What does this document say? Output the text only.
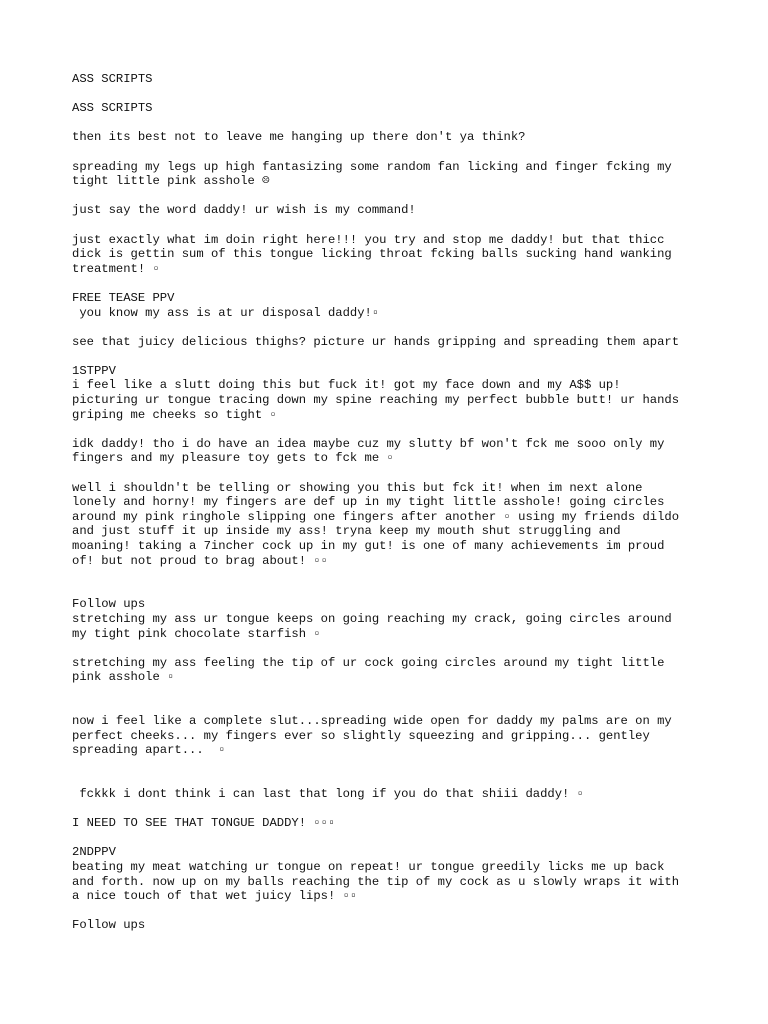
ASS SCRIPTS
ASS SCRIPTS
then its best not to leave me hanging up there don't ya think?
spreading my legs up high fantasizing some random fan licking and finger fcking my
tight little pink asshole ☹
just say the word daddy! ur wish is my command!
just exactly what im doin right here!!! you try and stop me daddy! but that thicc
dick is gettin sum of this tongue licking throat fcking balls sucking hand wanking
treatment! ▫
FREE TEASE PPV
you know my ass is at ur disposal daddy!▫
see that juicy delicious thighs? picture ur hands gripping and spreading them apart
1STPPV
i feel like a slutt doing this but fuck it! got my face down and my A$$ up!
picturing ur tongue tracing down my spine reaching my perfect bubble butt! ur hands
griping me cheeks so tight ▫
idk daddy! tho i do have an idea maybe cuz my slutty bf won't fck me sooo only my
fingers and my pleasure toy gets to fck me ▫
well i shouldn't be telling or showing you this but fck it! when im next alone
lonely and horny! my fingers are def up in my tight little asshole! going circles
around my pink ringhole slipping one fingers after another ▫ using my friends dildo
and just stuff it up inside my ass! tryna keep my mouth shut struggling and
moaning! taking a 7incher cock up in my gut! is one of many achievements im proud
of! but not proud to brag about! ▫▫
Follow ups
stretching my ass ur tongue keeps on going reaching my crack, going circles around
my tight pink chocolate starfish ▫
stretching my ass feeling the tip of ur cock going circles around my tight little
pink asshole ▫
now i feel like a complete slut...spreading wide open for daddy my palms are on my
perfect cheeks... my fingers ever so slightly squeezing and gripping... gentley
spreading apart...  ▫
fckkk i dont think i can last that long if you do that shiii daddy! ▫
I NEED TO SEE THAT TONGUE DADDY! ▫▫▫
2NDPPV
beating my meat watching ur tongue on repeat! ur tongue greedily licks me up back
and forth. now up on my balls reaching the tip of my cock as u slowly wraps it with
a nice touch of that wet juicy lips! ▫▫
Follow ups
